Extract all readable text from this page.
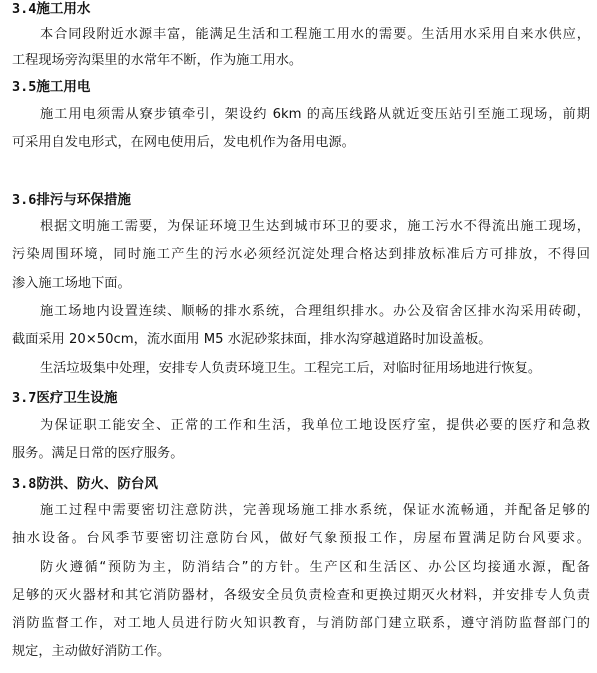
3.4施工用水
本合同段附近水源丰富，能满足生活和工程施工用水的需要。生活用水采用自来水供应，
工程现场旁沟渠里的水常年不断，作为施工用水。
3.5施工用电
施工用电须需从寮步镇牵引，架设约 6km 的高压线路从就近变压站引至施工现场，前期
可采用自发电形式，在网电使用后，发电机作为备用电源。
3.6排污与环保措施
根据文明施工需要，为保证环境卫生达到城市环卫的要求，施工污水不得流出施工现场，
污染周围环境，同时施工产生的污水必须经沉淀处理合格达到排放标准后方可排放，不得回
渗入施工场地下面。
施工场地内设置连续、顺畅的排水系统，合理组织排水。办公及宿舍区排水沟采用砖砌，
截面采用 20×50cm，流水面用 M5 水泥砂浆抹面，排水沟穿越道路时加设盖板。
生活垃圾集中处理，安排专人负责环境卫生。工程完工后，对临时征用场地进行恢复。
3.7医疗卫生设施
为保证职工能安全、正常的工作和生活，我单位工地设医疗室，提供必要的医疗和急救
服务。满足日常的医疗服务。
3.8防洪、防火、防台风
施工过程中需要密切注意防洪，完善现场施工排水系统，保证水流畅通，并配备足够的
抽水设备。台风季节要密切注意防台风，做好气象预报工作，房屋布置满足防台风要求。
防火遵循“预防为主，防消结合”的方针。生产区和生活区、办公区均接通水源，配备
足够的灭火器材和其它消防器材，各级安全员负责检查和更换过期灭火材料，并安排专人负责
消防监督工作，对工地人员进行防火知识教育，与消防部门建立联系，遵守消防监督部门的
规定，主动做好消防工作。
